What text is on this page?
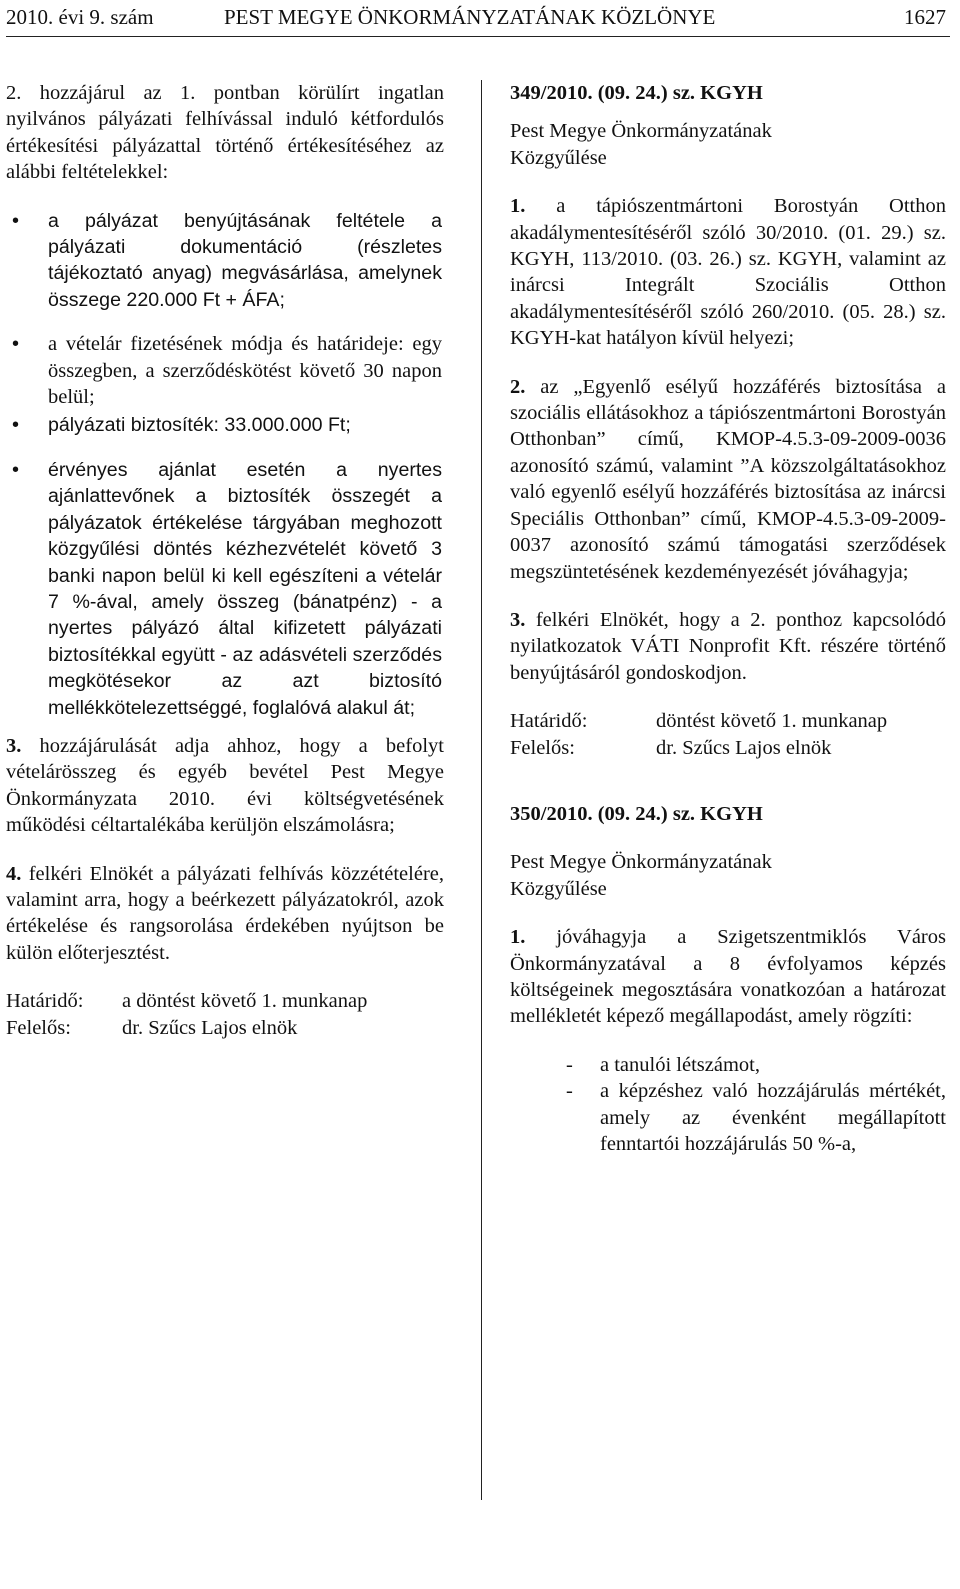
2010. évi 9. szám	PEST MEGYE ÖNKORMÁNYZATÁNAK KÖZLÖNYE	1627

2. hozzájárul az 1. pontban körülírt ingatlan nyilvános pályázati felhívással induló kétfordulós értékesítési pályázattal történő értékesítéséhez az alábbi feltételekkel:

• a pályázat benyújtásának feltétele a pályázati dokumentáció (részletes tájékoztató anyag) megvásárlása, amelynek összege 220.000 Ft + ÁFA;
• a vételár fizetésének módja és határideje: egy összegben, a szerződéskötést követő 30 napon belül;
• pályázati biztosíték: 33.000.000 Ft;
• érvényes ajánlat esetén a nyertes ajánlattevőnek a biztosíték összegét a pályázatok értékelése tárgyában meghozott közgyűlési döntés kézhezvételét követő 3 banki napon belül ki kell egészíteni a vételár 7 %-ával, amely összeg (bánatpénz) - a nyertes pályázó által kifizetett pályázati biztosítékkal együtt - az adásvételi szerződés megkötésekor az azt biztosító mellékkötelezettséggé, foglalóvá alakul át;

3. hozzájárulását adja ahhoz, hogy a befolyt vételárösszeg és egyéb bevétel Pest Megye Önkormányzata 2010. évi költségvetésének működési céltartalékába kerüljön elszámolásra;

4. felkéri Elnökét a pályázati felhívás közzétételére, valamint arra, hogy a beérkezett pályázatokról, azok értékelése és rangsorolása érdekében nyújtson be külön előterjesztést.

Határidő:	a döntést követő 1. munkanap
Felelős:	dr. Szűcs Lajos elnök

349/2010. (09. 24.) sz. KGYH

Pest Megye Önkormányzatának

Közgyűlése

1. a tápiószentmártoni Borostyán Otthon akadálymentesítéséről szóló 30/2010. (01. 29.) sz. KGYH, 113/2010. (03. 26.) sz. KGYH, valamint az inárcsi Integrált Szociális Otthon akadálymentesítéséről szóló 260/2010. (05. 28.) sz. KGYH-kat hatályon kívül helyezi;

2. az „Egyenlő esélyű hozzáférés biztosítása a szociális ellátásokhoz a tápiószentmártoni Borostyán Otthonban” című, KMOP-4.5.3-09-2009-0036 azonosító számú, valamint ”A közszolgáltatásokhoz való egyenlő esélyű hozzáférés biztosítása az inárcsi Speciális Otthonban” című, KMOP-4.5.3-09-2009-0037 azonosító számú támogatási szerződések megszüntetésének kezdeményezését jóváhagyja;

3. felkéri Elnökét, hogy a 2. ponthoz kapcsolódó nyilatkozatok VÁTI Nonprofit Kft. részére történő benyújtásáról gondoskodjon.

Határidő:	döntést követő 1. munkanap
Felelős:	dr. Szűcs Lajos elnök

350/2010. (09. 24.) sz. KGYH

Pest Megye Önkormányzatának

Közgyűlése

1. jóváhagyja a Szigetszentmiklós Város Önkormányzatával a 8 évfolyamos képzés költségeinek megosztására vonatkozóan a határozat mellékletét képező megállapodást, amely rögzíti:

- a tanulói létszámot,
- a képzéshez való hozzájárulás mértékét, amely az évenként megállapított fenntartói hozzájárulás 50 %-a,
